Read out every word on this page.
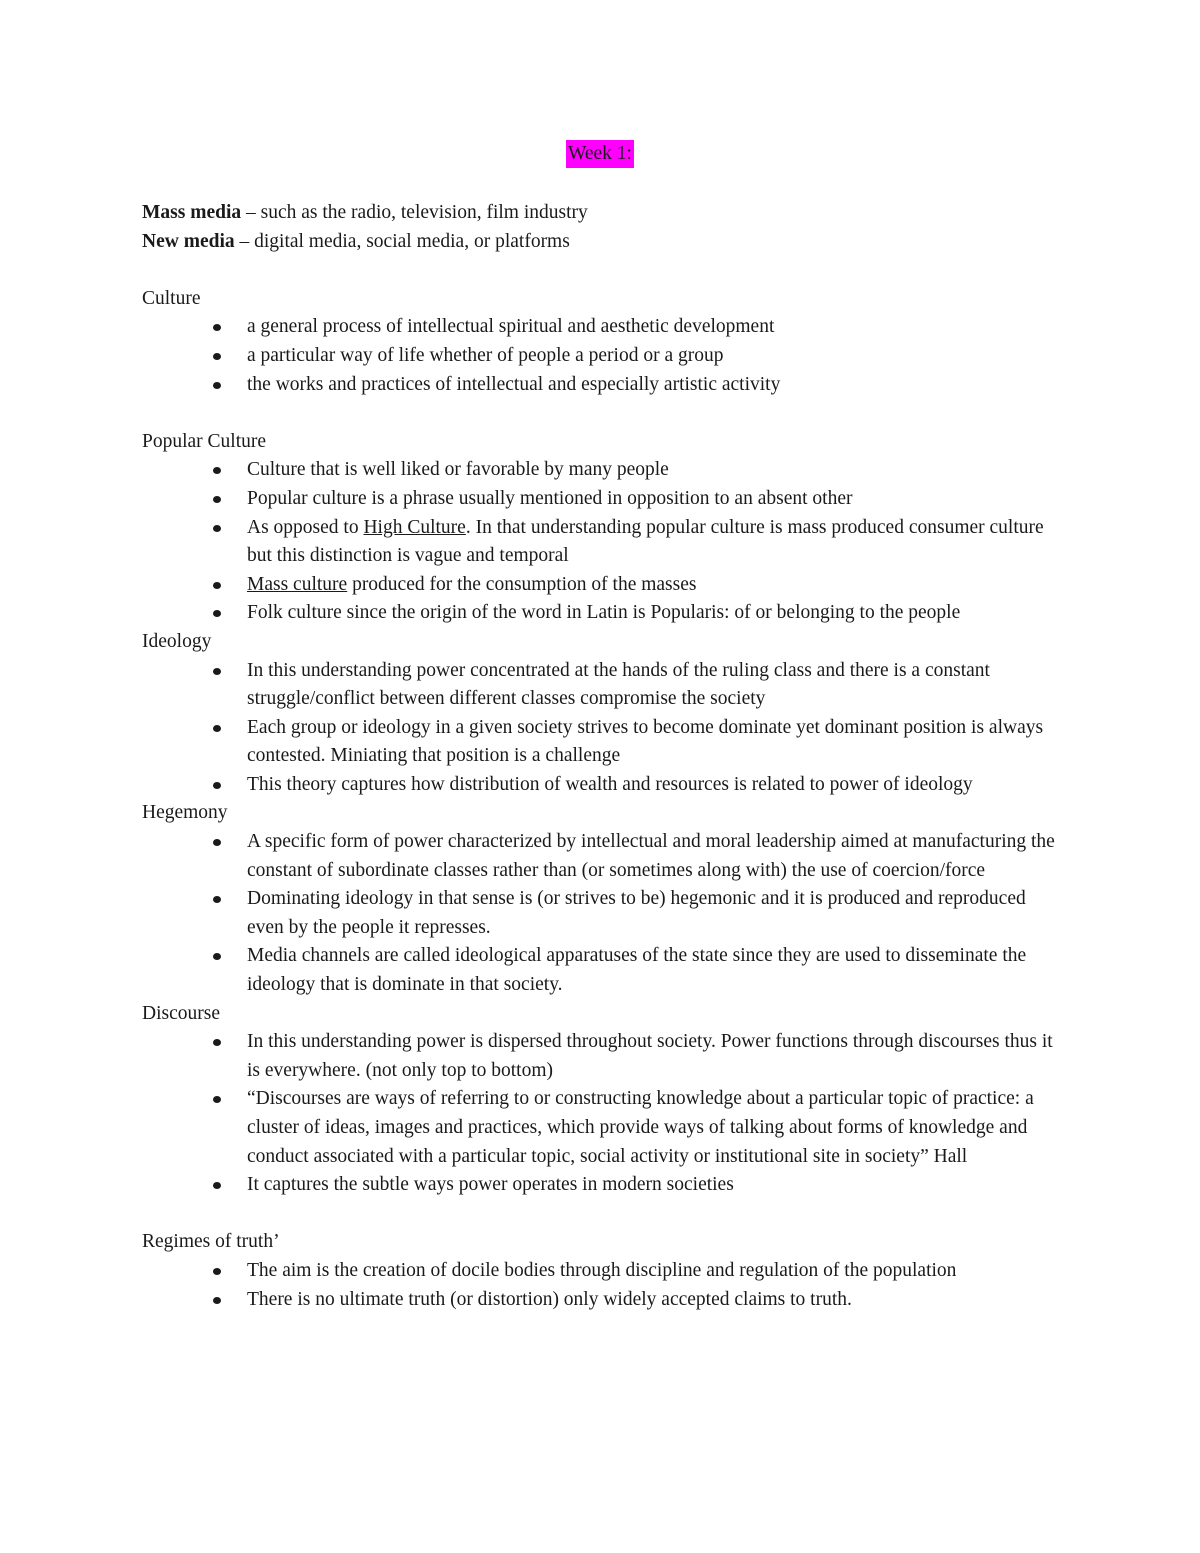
Week 1:
Mass media – such as the radio, television, film industry
New media – digital media, social media, or platforms
Culture
a general process of intellectual spiritual and aesthetic development
a particular way of life whether of people a period or a group
the works and practices of intellectual and especially artistic activity
Popular Culture
Culture that is well liked or favorable by many people
Popular culture is a phrase usually mentioned in opposition to an absent other
As opposed to High Culture. In that understanding popular culture is mass produced consumer culture but this distinction is vague and temporal
Mass culture produced for the consumption of the masses
Folk culture since the origin of the word in Latin is Popularis: of or belonging to the people
Ideology
In this understanding power concentrated at the hands of the ruling class and there is a constant struggle/conflict between different classes compromise the society
Each group or ideology in a given society strives to become dominate yet dominant position is always contested. Miniating that position is a challenge
This theory captures how distribution of wealth and resources is related to power of ideology
Hegemony
A specific form of power characterized by intellectual and moral leadership aimed at manufacturing the constant of subordinate classes rather than (or sometimes along with) the use of coercion/force
Dominating ideology in that sense is (or strives to be) hegemonic and it is produced and reproduced even by the people it represses.
Media channels are called ideological apparatuses of the state since they are used to disseminate the ideology that is dominate in that society.
Discourse
In this understanding power is dispersed throughout society. Power functions through discourses thus it is everywhere. (not only top to bottom)
“Discourses are ways of referring to or constructing knowledge about a particular topic of practice: a cluster of ideas, images and practices, which provide ways of talking about forms of knowledge and conduct associated with a particular topic, social activity or institutional site in society” Hall
It captures the subtle ways power operates in modern societies
Regimes of truth’
The aim is the creation of docile bodies through discipline and regulation of the population
There is no ultimate truth (or distortion) only widely accepted claims to truth.
